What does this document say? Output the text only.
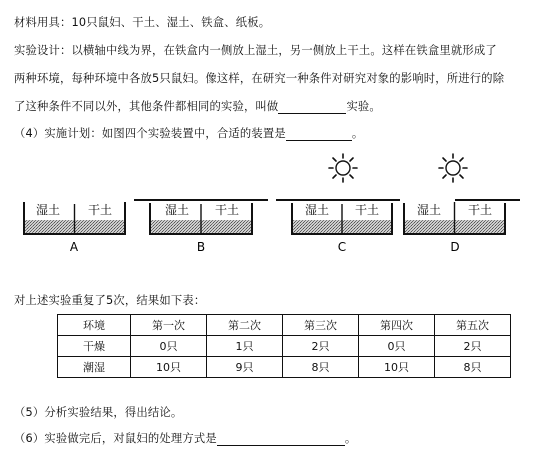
材料用具：10只鼠妇、干土、湿土、铁盒、纸板。
实验设计：以横轴中线为界，在铁盒内一侧放上湿土，另一侧放上干土。这样在铁盒里就形成了
两种环境，每种环境中各放5只鼠妇。像这样，在研究一种条件对研究对象的影响时，所进行的除
了这种条件不同以外，其他条件都相同的实验，叫做	实验。
（4）实施计划：如图四个实验装置中，合适的装置是	。
湿土 干土
A
湿土 干土
B
湿土 干土
C
湿土 干土
D
对上述实验重复了5次，结果如下表：
环境	第一次	第二次	第三次	第四次	第五次
干燥	0只	1只	2只	0只	2只
潮湿	10只	9只	8只	10只	8只
（5）分析实验结果，得出结论。
（6）实验做完后，对鼠妇的处理方式是	。
